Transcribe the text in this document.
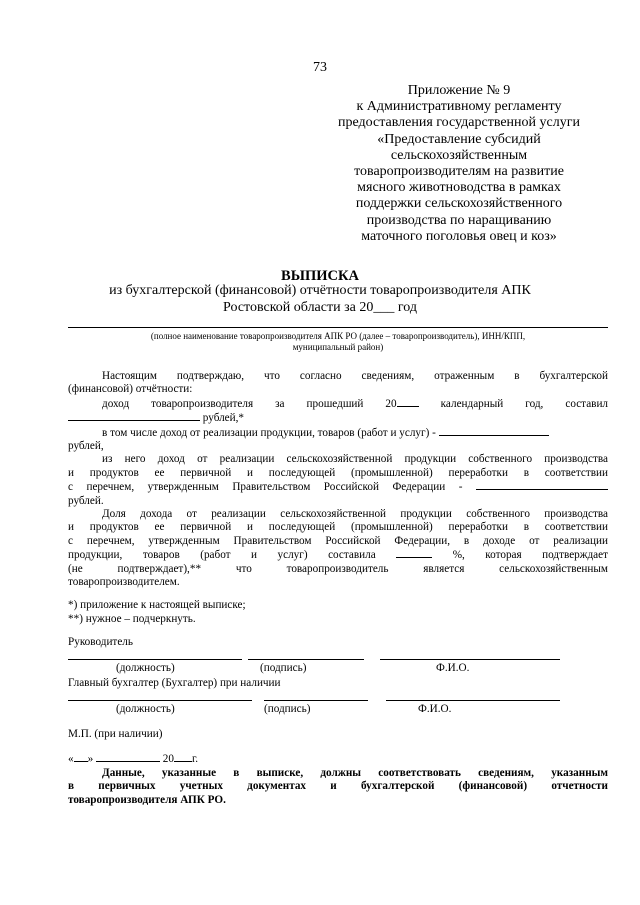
73
Приложение № 9
к Административному регламенту
предоставления государственной услуги
«Предоставление субсидий
сельскохозяйственным
товаропроизводителям на развитие
мясного животноводства в рамках
поддержки сельскохозяйственного
производства по наращиванию
маточного поголовья овец и коз»
ВЫПИСКА
из бухгалтерской (финансовой) отчётности товаропроизводителя АПК
Ростовской области за 20___ год
(полное наименование товаропроизводителя АПК РО (далее – товаропроизводитель), ИНН/КПП,
муниципальный район)

Настоящим подтверждаю, что согласно сведениям, отраженным в бухгалтерской

(финансовой) отчётности:

доход товаропроизводителя за прошедший 20	календарный год, составил

рублей,*

в том числе доход от реализации продукции, товаров (работ и услуг) -

рублей,

из него доход от реализации сельскохозяйственной продукции собственного производства

и продуктов ее первичной и последующей (промышленной) переработки в соответствии

с перечнем, утвержденным Правительством Российской Федерации -

рублей.

Доля дохода от реализации сельскохозяйственной продукции собственного производства

и продуктов ее первичной и последующей (промышленной) переработки в соответствии

с перечнем, утвержденным Правительством Российской Федерации, в доходе от реализации

продукции, товаров (работ и услуг) составила	%, которая подтверждает

(не подтверждает),** что товаропроизводитель является сельскохозяйственным

товаропроизводителем.

*) приложение к настоящей выписке;
**) нужное – подчеркнуть.
Руководитель
(должность)	(подпись)	Ф.И.О.
Главный бухгалтер (Бухгалтер) при наличии
(должность)	(подпись)	Ф.И.О.
М.П. (при наличии)
« »	20 г.

Данные, указанные в выписке, должны соответствовать сведениям, указанным

в первичных учетных документах и бухгалтерской (финансовой) отчетности

товаропроизводителя АПК РО.
